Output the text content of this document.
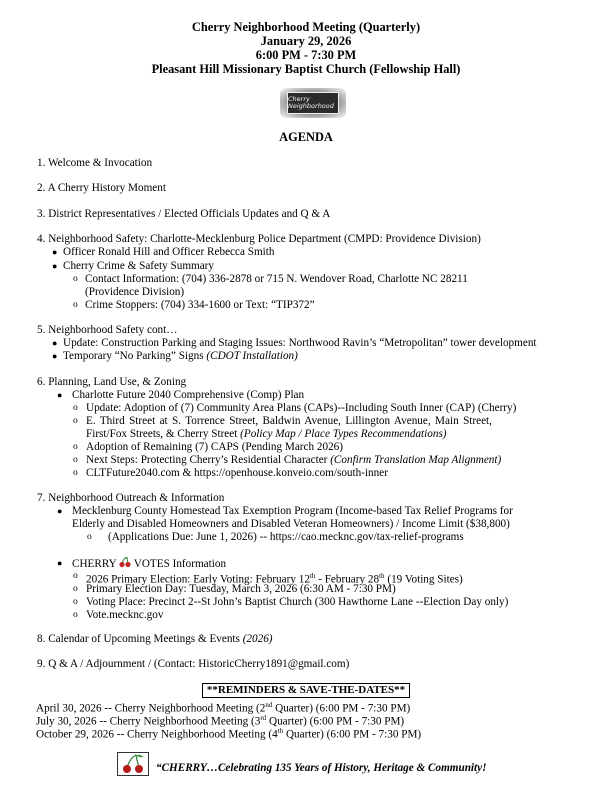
Cherry Neighborhood Meeting (Quarterly)
January 29, 2026
6:00 PM - 7:30 PM
Pleasant Hill Missionary Baptist Church (Fellowship Hall)
Cherry Neighborhood
AGENDA
1. Welcome & Invocation
2. A Cherry History Moment
3. District Representatives / Elected Officials Updates and Q & A
4. Neighborhood Safety: Charlotte-Mecklenburg Police Department (CMPD: Providence Division)
● Officer Ronald Hill and Officer Rebecca Smith
● Cherry Crime & Safety Summary
o Contact Information: (704) 336-2878 or 715 N. Wendover Road, Charlotte NC 28211
(Providence Division)
o Crime Stoppers: (704) 334-1600 or Text: “TIP372”
5. Neighborhood Safety cont…
● Update: Construction Parking and Staging Issues: Northwood Ravin’s “Metropolitan” tower development
● Temporary “No Parking” Signs (CDOT Installation)
6. Planning, Land Use, & Zoning
● Charlotte Future 2040 Comprehensive (Comp) Plan
o Update: Adoption of (7) Community Area Plans (CAPs)--Including South Inner (CAP) (Cherry)
o E. Third Street at S. Torrence Street, Baldwin Avenue, Lillington Avenue, Main Street,
First/Fox Streets, & Cherry Street (Policy Map / Place Types Recommendations)
o Adoption of Remaining (7) CAPS (Pending March 2026)
o Next Steps: Protecting Cherry’s Residential Character (Confirm Translation Map Alignment)
o CLTFuture2040.com & https://openhouse.konveio.com/south-inner
7. Neighborhood Outreach & Information
● Mecklenburg County Homestead Tax Exemption Program (Income-based Tax Relief Programs for
Elderly and Disabled Homeowners and Disabled Veteran Homeowners) / Income Limit ($38,800)
o (Applications Due: June 1, 2026) -- https://cao.mecknc.gov/tax-relief-programs
● CHERRY  VOTES Information
o 2026 Primary Election: Early Voting: February 12th - February 28th (19 Voting Sites)
o Primary Election Day: Tuesday, March 3, 2026 (6:30 AM - 7:30 PM)
o Voting Place: Precinct 2--St John’s Baptist Church (300 Hawthorne Lane --Election Day only)
o Vote.mecknc.gov
8. Calendar of Upcoming Meetings & Events (2026)
9. Q & A / Adjournment / (Contact: HistoricCherry1891@gmail.com)
**REMINDERS & SAVE-THE-DATES**
April 30, 2026 -- Cherry Neighborhood Meeting (2nd Quarter) (6:00 PM - 7:30 PM)
July 30, 2026 -- Cherry Neighborhood Meeting (3rd Quarter) (6:00 PM - 7:30 PM)
October 29, 2026 -- Cherry Neighborhood Meeting (4th Quarter) (6:00 PM - 7:30 PM)
“CHERRY…Celebrating 135 Years of History, Heritage & Community!
